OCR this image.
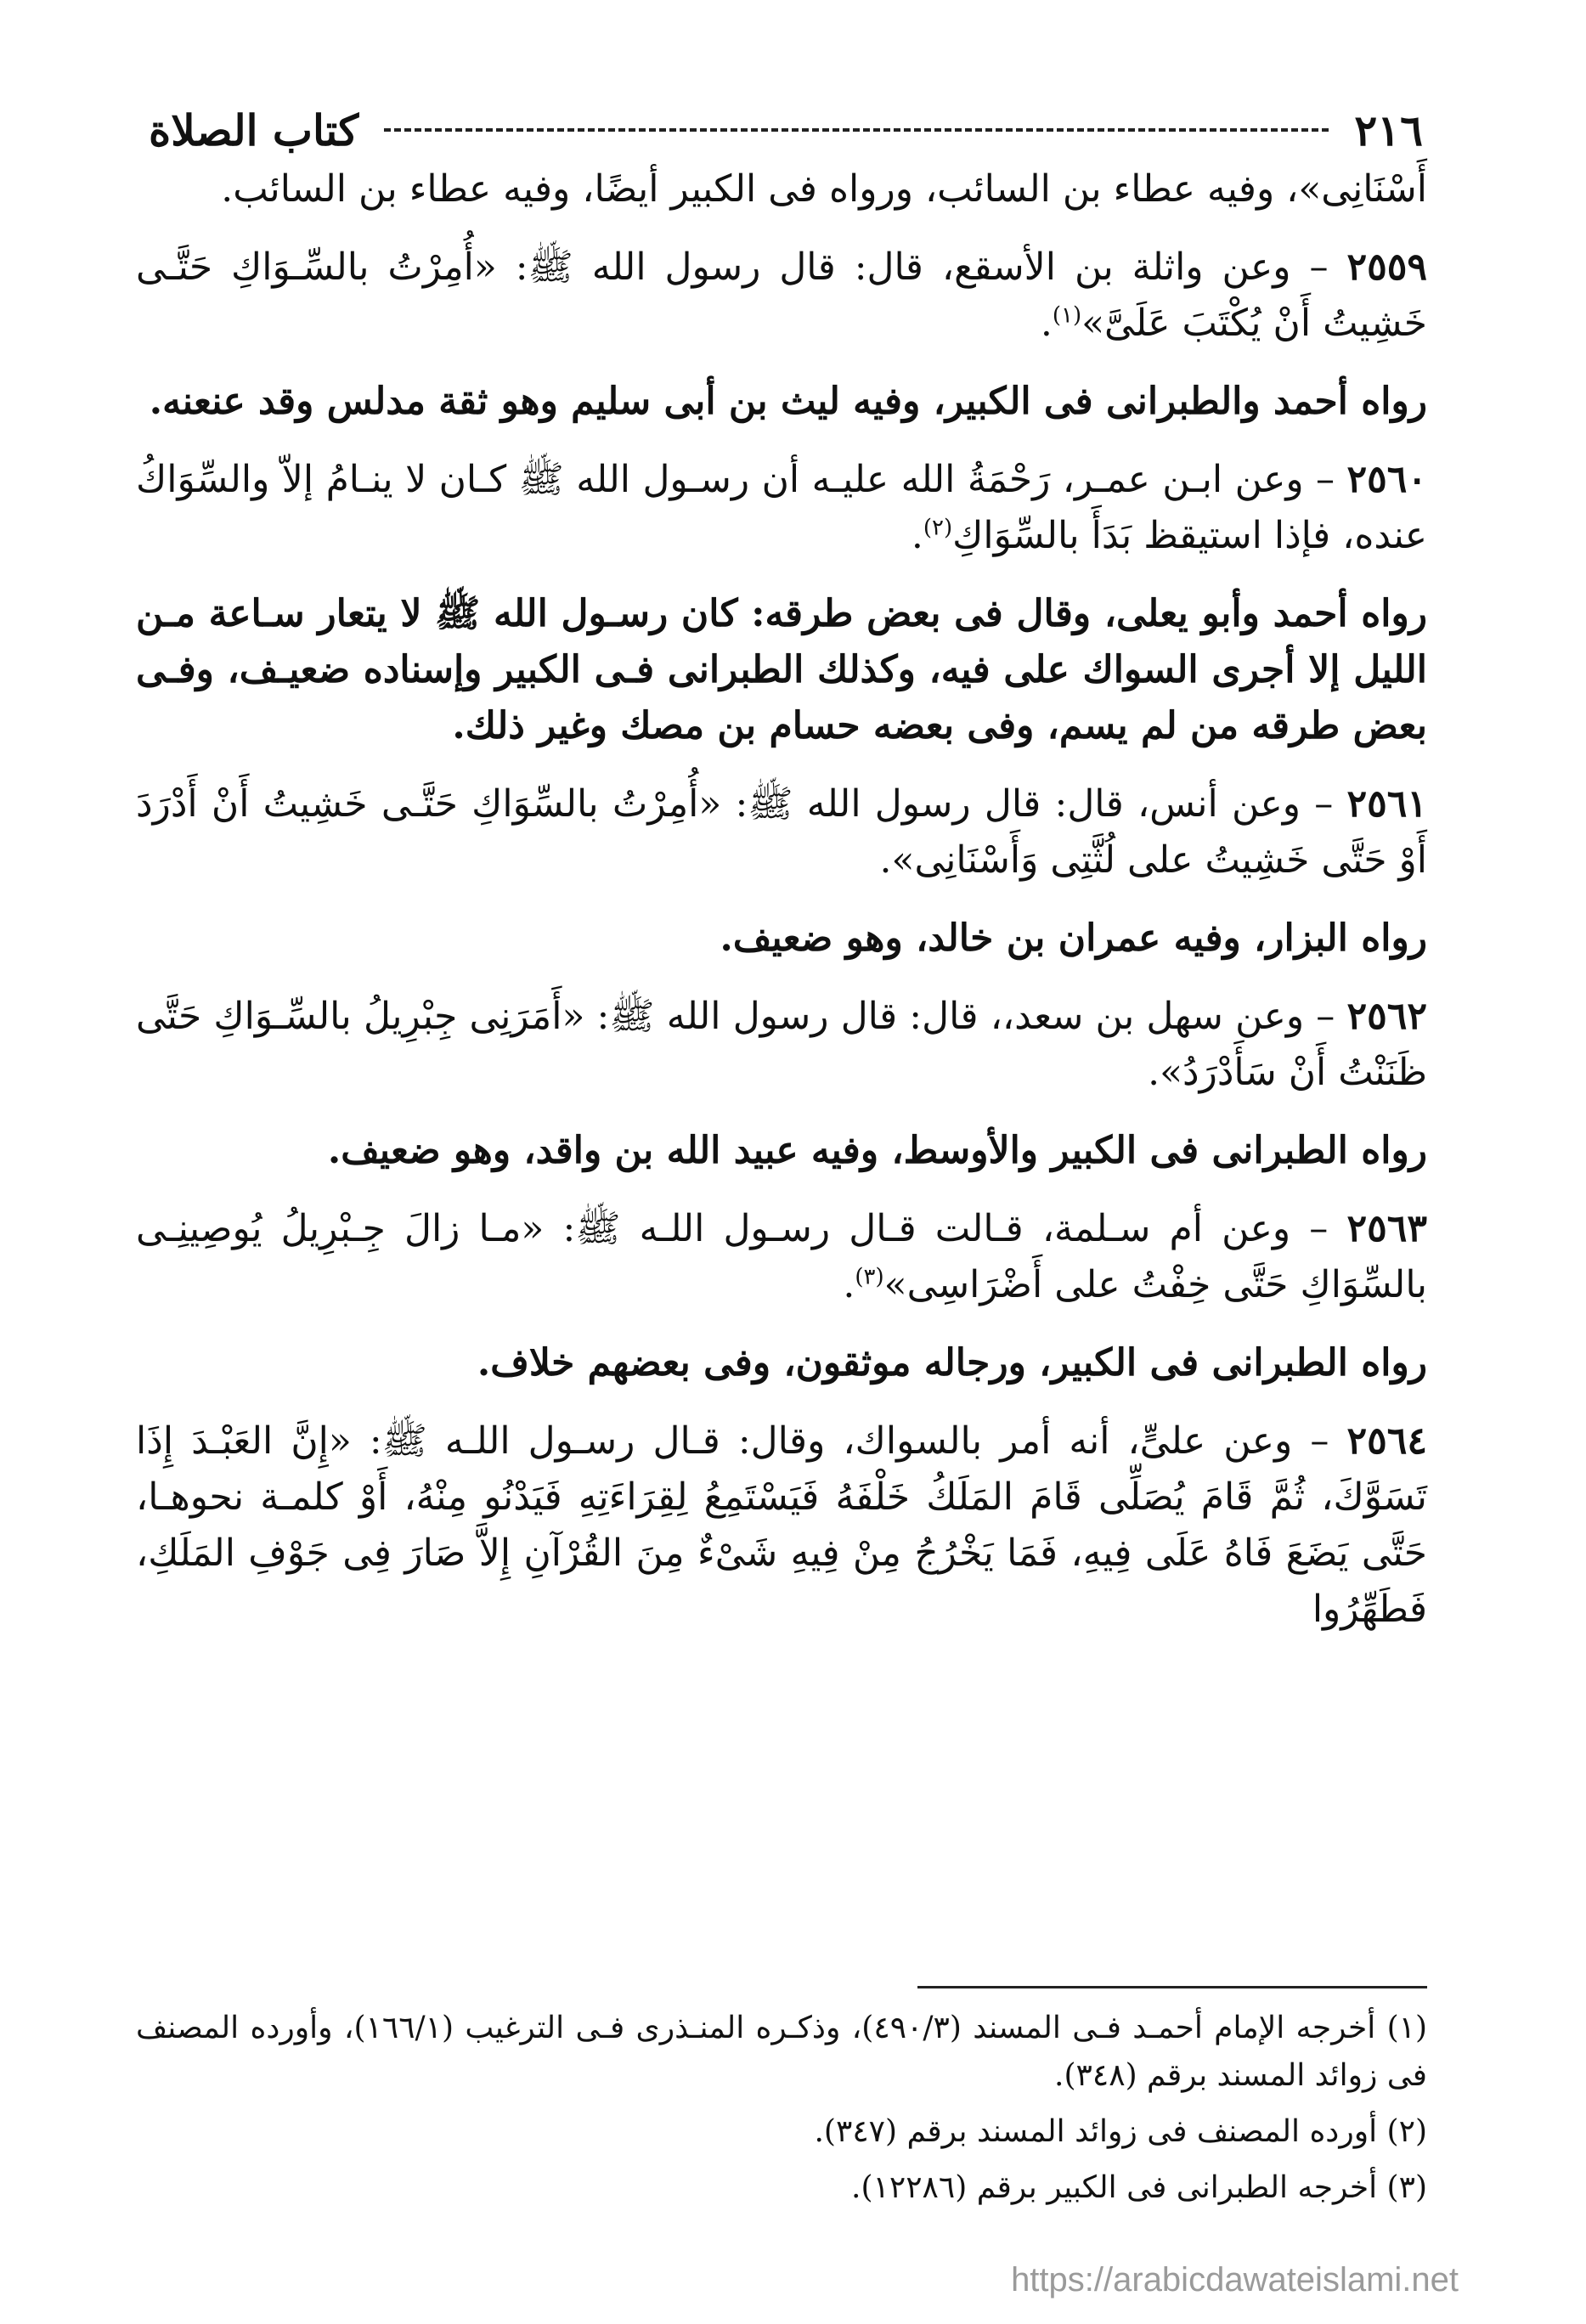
٢١٦
كتاب الصلاة

أَسْنَانِى»، وفيه عطاء بن السائب، ورواه فى الكبير أيضًا، وفيه عطاء بن السائب.

٢٥٥٩ – وعن واثلة بن الأسقع، قال: قال رسول الله ﷺ: «أُمِرْتُ بالسِّـوَاكِ حَتَّـى خَشِيتُ أَنْ يُكْتَبَ عَلَىَّ»$^{(١)}$.

رواه أحمد والطبرانى فى الكبير، وفيه ليث بن أبى سليم وهو ثقة مدلس وقد عنعنه.

٢٥٦٠ – وعن ابـن عمـر، رَحْمَةُ الله عليـه أن رسـول الله ﷺ كـان لا ينـامُ إلاّ والسِّوَاكُ عنده، فإذا استيقظ بَدَأَ بالسِّوَاكِ$^{(٢)}$.

رواه أحمد وأبو يعلى، وقال فى بعض طرقه: كان رسـول الله ﷺ لا يتعار سـاعة مـن الليل إلا أجرى السواك على فيه، وكذلك الطبرانى فـى الكبير وإسناده ضعيـف، وفـى بعض طرقه من لم يسم، وفى بعضه حسام بن مصك وغير ذلك.

٢٥٦١ – وعن أنس، قال: قال رسول الله ﷺ: «أُمِرْتُ بالسِّوَاكِ حَتَّـى خَشِيتُ أَنْ أَدْرَدَ أَوْ حَتَّى خَشِيتُ على لُثَّتِى وَأَسْنَانِى».

رواه البزار، وفيه عمران بن خالد، وهو ضعيف.

٢٥٦٢ – وعن سهل بن سعد،، قال: قال رسول الله ﷺ: «أَمَرَنِى جِبْرِيلُ بالسِّـوَاكِ حَتَّى ظَنَنْتُ أَنْ سَأَدْرَدُ».

رواه الطبرانى فى الكبير والأوسط، وفيه عبيد الله بن واقد، وهو ضعيف.

٢٥٦٣ – وعن أم سـلمة، قـالت قـال رسـول اللـه ﷺ: «مـا زالَ جِـبْرِيلُ يُوصِينِـى بالسِّوَاكِ حَتَّى خِفْتُ على أَضْرَاسِى»$^{(٣)}$.

رواه الطبرانى فى الكبير، ورجاله موثقون، وفى بعضهم خلاف.

٢٥٦٤ – وعن علىٍّ، أنه أمر بالسواك، وقال: قـال رسـول اللـه ﷺ: «إِنَّ العَبْـدَ إِذَا تَسَوَّكَ، ثُمَّ قَامَ يُصَلِّى قَامَ المَلَكُ خَلْفَهُ فَيَسْتَمِعُ لِقِرَاءَتِهِ فَيَدْنُو مِنْهُ، أَوْ كلمـة نحوهـا، حَتَّى يَضَعَ فَاهُ عَلَى فِيهِ، فَمَا يَخْرُجُ مِنْ فِيهِ شَىْءٌ مِنَ القُرْآنِ إِلاَّ صَارَ فِى جَوْفِ المَلَكِ، فَطَهِّرُوا

(١) أخرجه الإمام أحمـد فـى المسند (٤٩٠/٣)، وذكـره المنـذرى فـى الترغيب (١٦٦/١)، وأورده المصنف فى زوائد المسند برقم (٣٤٨).

(٢) أورده المصنف فى زوائد المسند برقم (٣٤٧).

(٣) أخرجه الطبرانى فى الكبير برقم (١٢٢٨٦).

https://arabicdawateislami.net
